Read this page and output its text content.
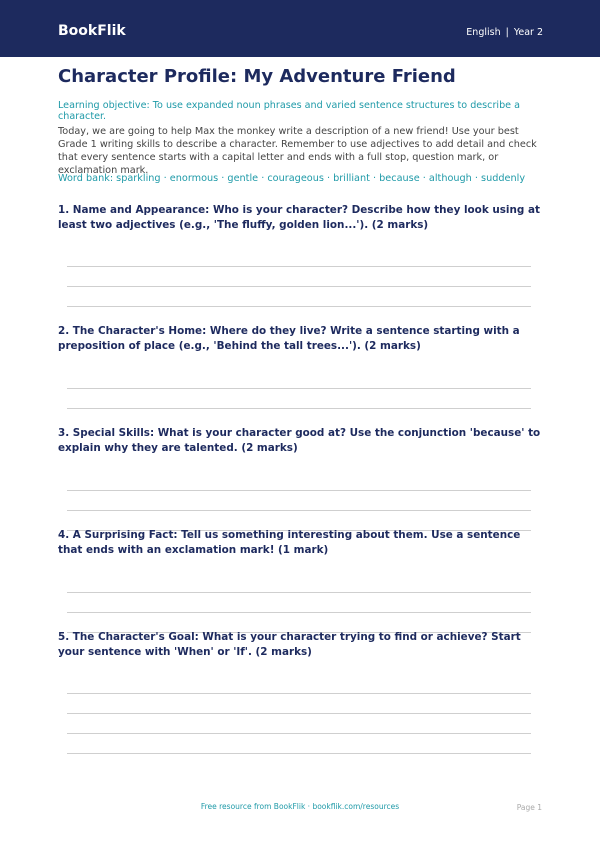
BookFlik	English | Year 2
Character Profile: My Adventure Friend
Learning objective: To use expanded noun phrases and varied sentence structures to describe a character.
Today, we are going to help Max the monkey write a description of a new friend! Use your best Grade 1 writing skills to describe a character. Remember to use adjectives to add detail and check that every sentence starts with a capital letter and ends with a full stop, question mark, or exclamation mark.
Word bank: sparkling · enormous · gentle · courageous · brilliant · because · although · suddenly
1. Name and Appearance: Who is your character? Describe how they look using at least two adjectives (e.g., 'The fluffy, golden lion...'). (2 marks)
2. The Character's Home: Where do they live? Write a sentence starting with a preposition of place (e.g., 'Behind the tall trees...'). (2 marks)
3. Special Skills: What is your character good at? Use the conjunction 'because' to explain why they are talented. (2 marks)
4. A Surprising Fact: Tell us something interesting about them. Use a sentence that ends with an exclamation mark! (1 mark)
5. The Character's Goal: What is your character trying to find or achieve? Start your sentence with 'When' or 'If'. (2 marks)
Free resource from BookFlik · bookflik.com/resources	Page 1
